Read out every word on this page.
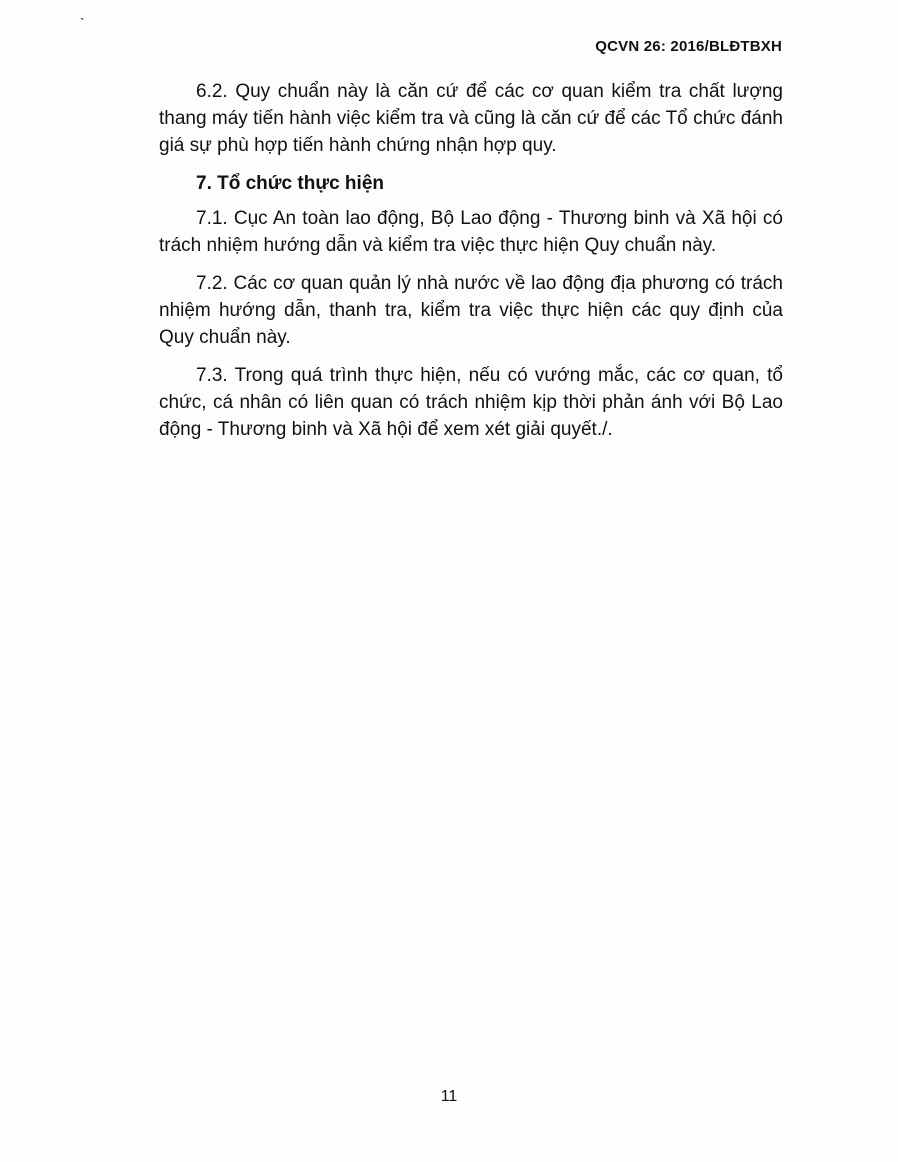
`
QCVN 26: 2016/BLĐTBXH

6.2. Quy chuẩn này là căn cứ để các cơ quan kiểm tra chất lượng thang máy tiến hành việc kiểm tra và cũng là căn cứ để các Tổ chức đánh giá sự phù hợp tiến hành chứng nhận hợp quy.

7. Tổ chức thực hiện

7.1. Cục An toàn lao động, Bộ Lao động - Thương binh và Xã hội có trách nhiệm hướng dẫn và kiểm tra việc thực hiện Quy chuẩn này.

7.2. Các cơ quan quản lý nhà nước về lao động địa phương có trách nhiệm hướng dẫn, thanh tra, kiểm tra việc thực hiện các quy định của Quy chuẩn này.

7.3. Trong quá trình thực hiện, nếu có vướng mắc, các cơ quan, tổ chức, cá nhân có liên quan có trách nhiệm kịp thời phản ánh với Bộ Lao động - Thương binh và Xã hội để xem xét giải quyết./.

11
